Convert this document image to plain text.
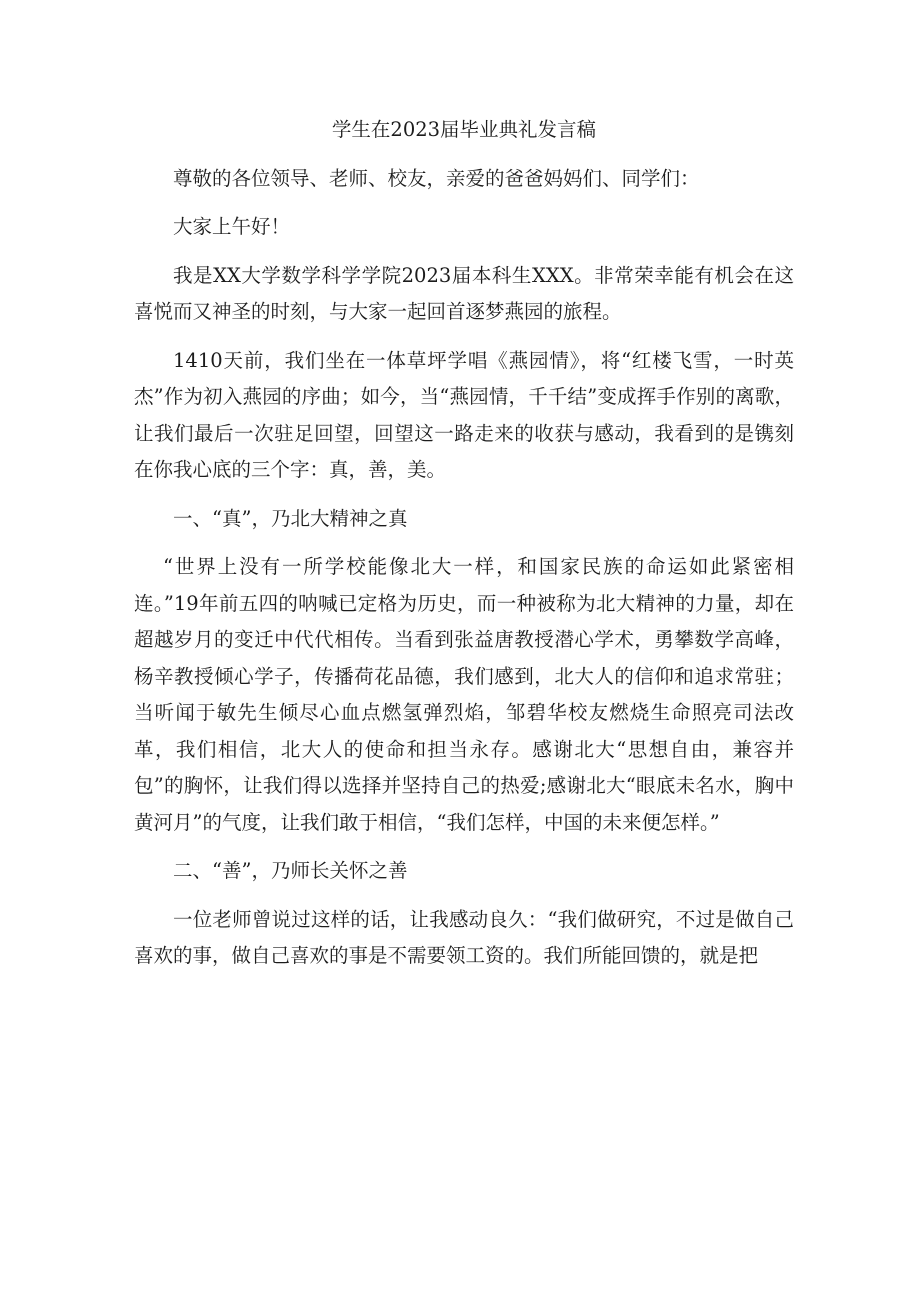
学生在2023届毕业典礼发言稿

尊敬的各位领导、老师、校友，亲爱的爸爸妈妈们、同学们：

大家上午好！

我是XX大学数学科学学院2023届本科生XXX。非常荣幸能有机会在这喜悦而又神圣的时刻，与大家一起回首逐梦燕园的旅程。

1410天前，我们坐在一体草坪学唱《燕园情》，将“红楼飞雪，一时英杰”作为初入燕园的序曲；如今，当“燕园情，千千结”变成挥手作别的离歌，让我们最后一次驻足回望，回望这一路走来的收获与感动，我看到的是镌刻在你我心底的三个字：真，善，美。

一、“真”，乃北大精神之真

“世界上没有一所学校能像北大一样，和国家民族的命运如此紧密相连。”19年前五四的呐喊已定格为历史，而一种被称为北大精神的力量，却在超越岁月的变迁中代代相传。当看到张益唐教授潜心学术，勇攀数学高峰，杨辛教授倾心学子，传播荷花品德，我们感到，北大人的信仰和追求常驻；当听闻于敏先生倾尽心血点燃氢弹烈焰，邹碧华校友燃烧生命照亮司法改革，我们相信，北大人的使命和担当永存。感谢北大“思想自由，兼容并包”的胸怀，让我们得以选择并坚持自己的热爱;感谢北大“眼底未名水，胸中黄河月”的气度，让我们敢于相信，“我们怎样，中国的未来便怎样。”

二、“善”，乃师长关怀之善

一位老师曾说过这样的话，让我感动良久：“我们做研究，不过是做自己喜欢的事，做自己喜欢的事是不需要领工资的。我们所能回馈的，就是把
